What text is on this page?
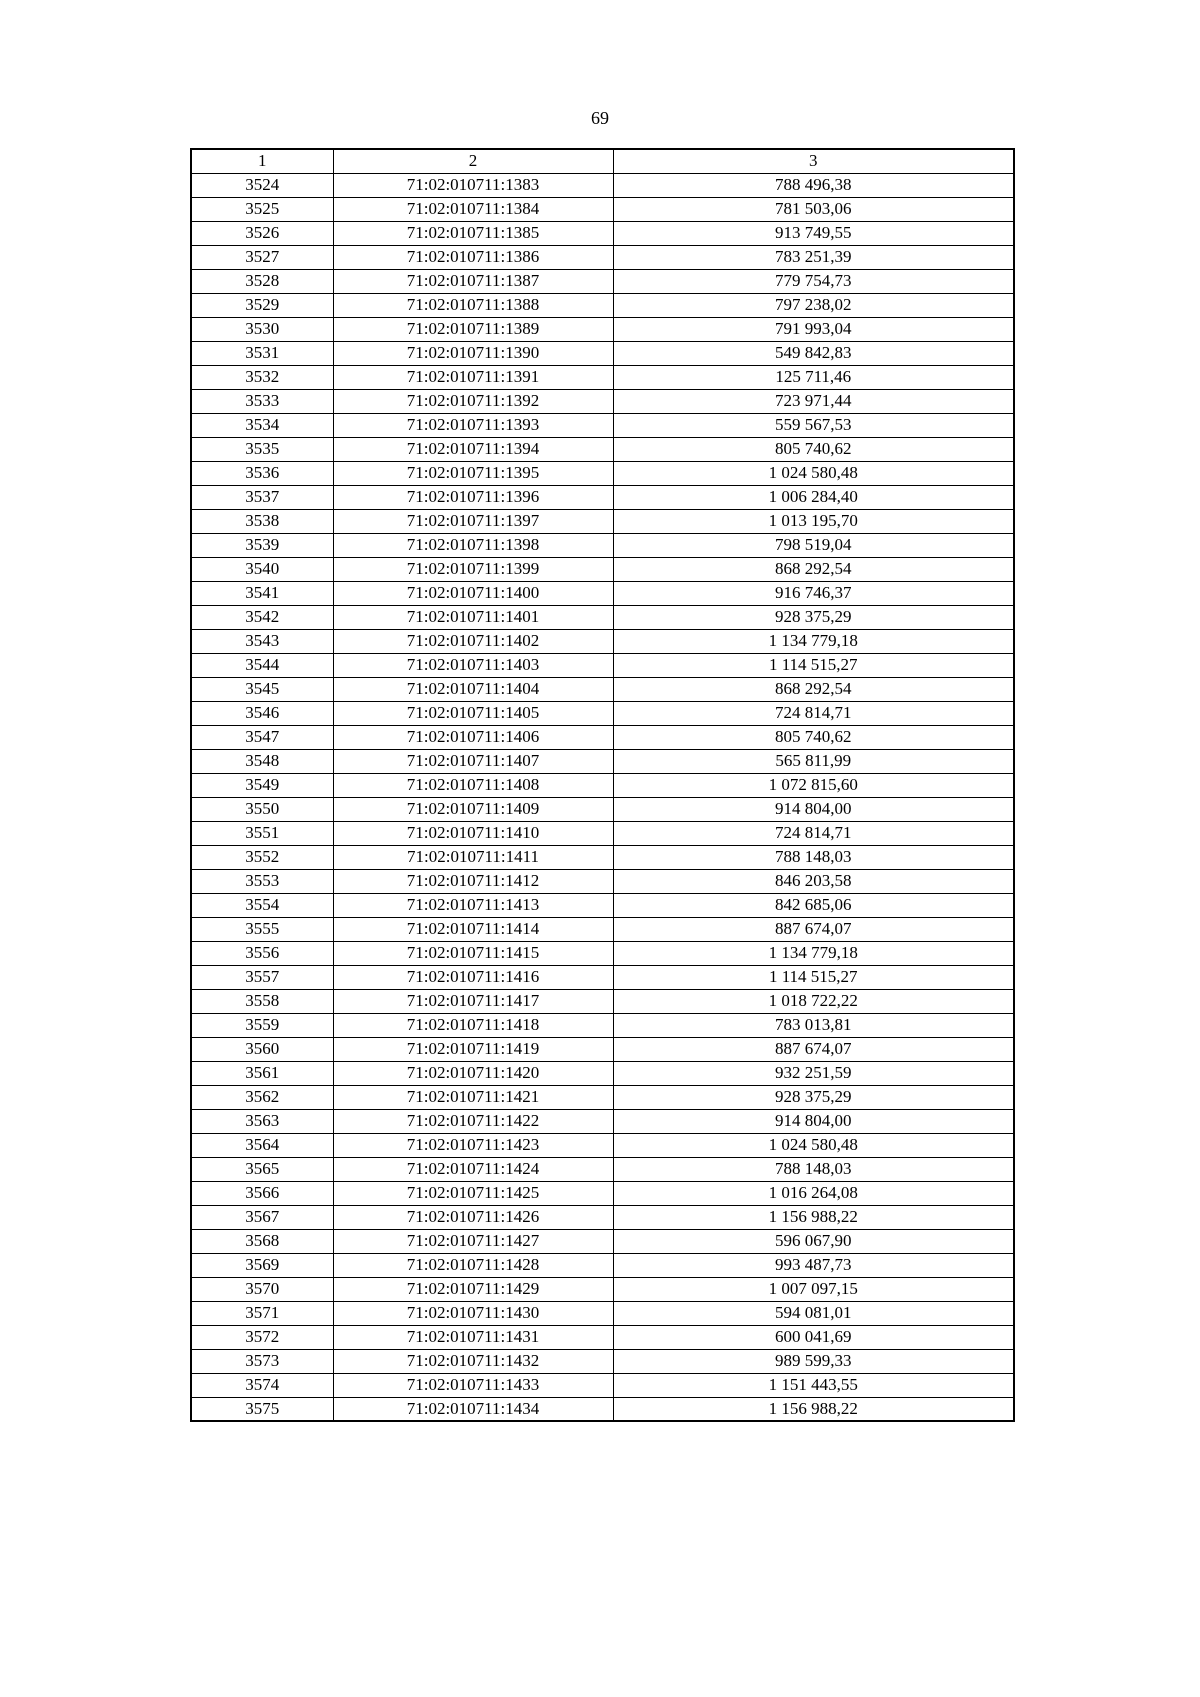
69
1	2	3
3524	71:02:010711:1383	788 496,38
3525	71:02:010711:1384	781 503,06
3526	71:02:010711:1385	913 749,55
3527	71:02:010711:1386	783 251,39
3528	71:02:010711:1387	779 754,73
3529	71:02:010711:1388	797 238,02
3530	71:02:010711:1389	791 993,04
3531	71:02:010711:1390	549 842,83
3532	71:02:010711:1391	125 711,46
3533	71:02:010711:1392	723 971,44
3534	71:02:010711:1393	559 567,53
3535	71:02:010711:1394	805 740,62
3536	71:02:010711:1395	1 024 580,48
3537	71:02:010711:1396	1 006 284,40
3538	71:02:010711:1397	1 013 195,70
3539	71:02:010711:1398	798 519,04
3540	71:02:010711:1399	868 292,54
3541	71:02:010711:1400	916 746,37
3542	71:02:010711:1401	928 375,29
3543	71:02:010711:1402	1 134 779,18
3544	71:02:010711:1403	1 114 515,27
3545	71:02:010711:1404	868 292,54
3546	71:02:010711:1405	724 814,71
3547	71:02:010711:1406	805 740,62
3548	71:02:010711:1407	565 811,99
3549	71:02:010711:1408	1 072 815,60
3550	71:02:010711:1409	914 804,00
3551	71:02:010711:1410	724 814,71
3552	71:02:010711:1411	788 148,03
3553	71:02:010711:1412	846 203,58
3554	71:02:010711:1413	842 685,06
3555	71:02:010711:1414	887 674,07
3556	71:02:010711:1415	1 134 779,18
3557	71:02:010711:1416	1 114 515,27
3558	71:02:010711:1417	1 018 722,22
3559	71:02:010711:1418	783 013,81
3560	71:02:010711:1419	887 674,07
3561	71:02:010711:1420	932 251,59
3562	71:02:010711:1421	928 375,29
3563	71:02:010711:1422	914 804,00
3564	71:02:010711:1423	1 024 580,48
3565	71:02:010711:1424	788 148,03
3566	71:02:010711:1425	1 016 264,08
3567	71:02:010711:1426	1 156 988,22
3568	71:02:010711:1427	596 067,90
3569	71:02:010711:1428	993 487,73
3570	71:02:010711:1429	1 007 097,15
3571	71:02:010711:1430	594 081,01
3572	71:02:010711:1431	600 041,69
3573	71:02:010711:1432	989 599,33
3574	71:02:010711:1433	1 151 443,55
3575	71:02:010711:1434	1 156 988,22
